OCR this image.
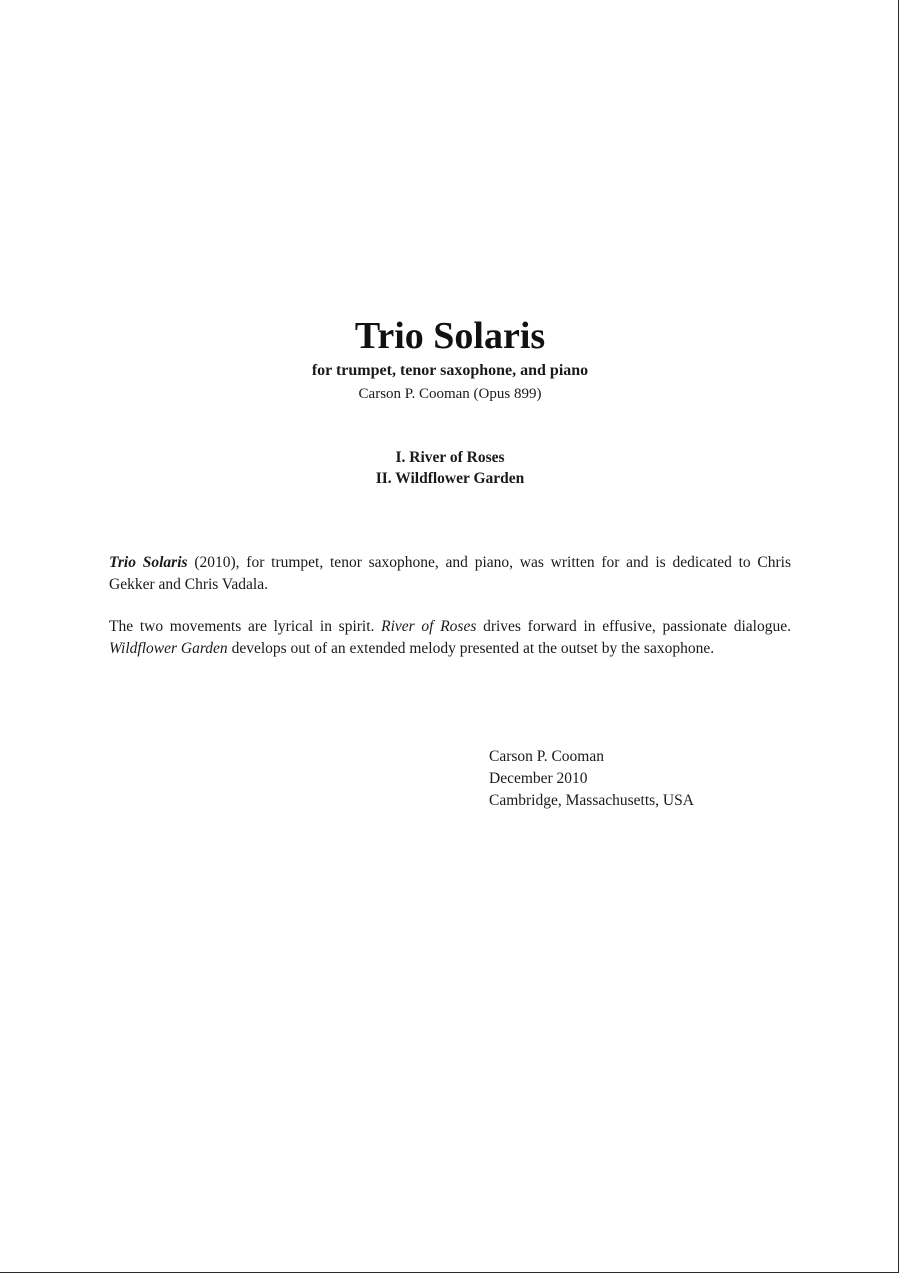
Trio Solaris
for trumpet, tenor saxophone, and piano
Carson P. Cooman (Opus 899)
I. River of Roses
II. Wildflower Garden

Trio Solaris (2010), for trumpet, tenor saxophone, and piano, was written for and is dedicated to Chris Gekker and Chris Vadala.

The two movements are lyrical in spirit. River of Roses drives forward in effusive, passionate dialogue. Wildflower Garden develops out of an extended melody presented at the outset by the saxophone.

Carson P. Cooman
December 2010
Cambridge, Massachusetts, USA
